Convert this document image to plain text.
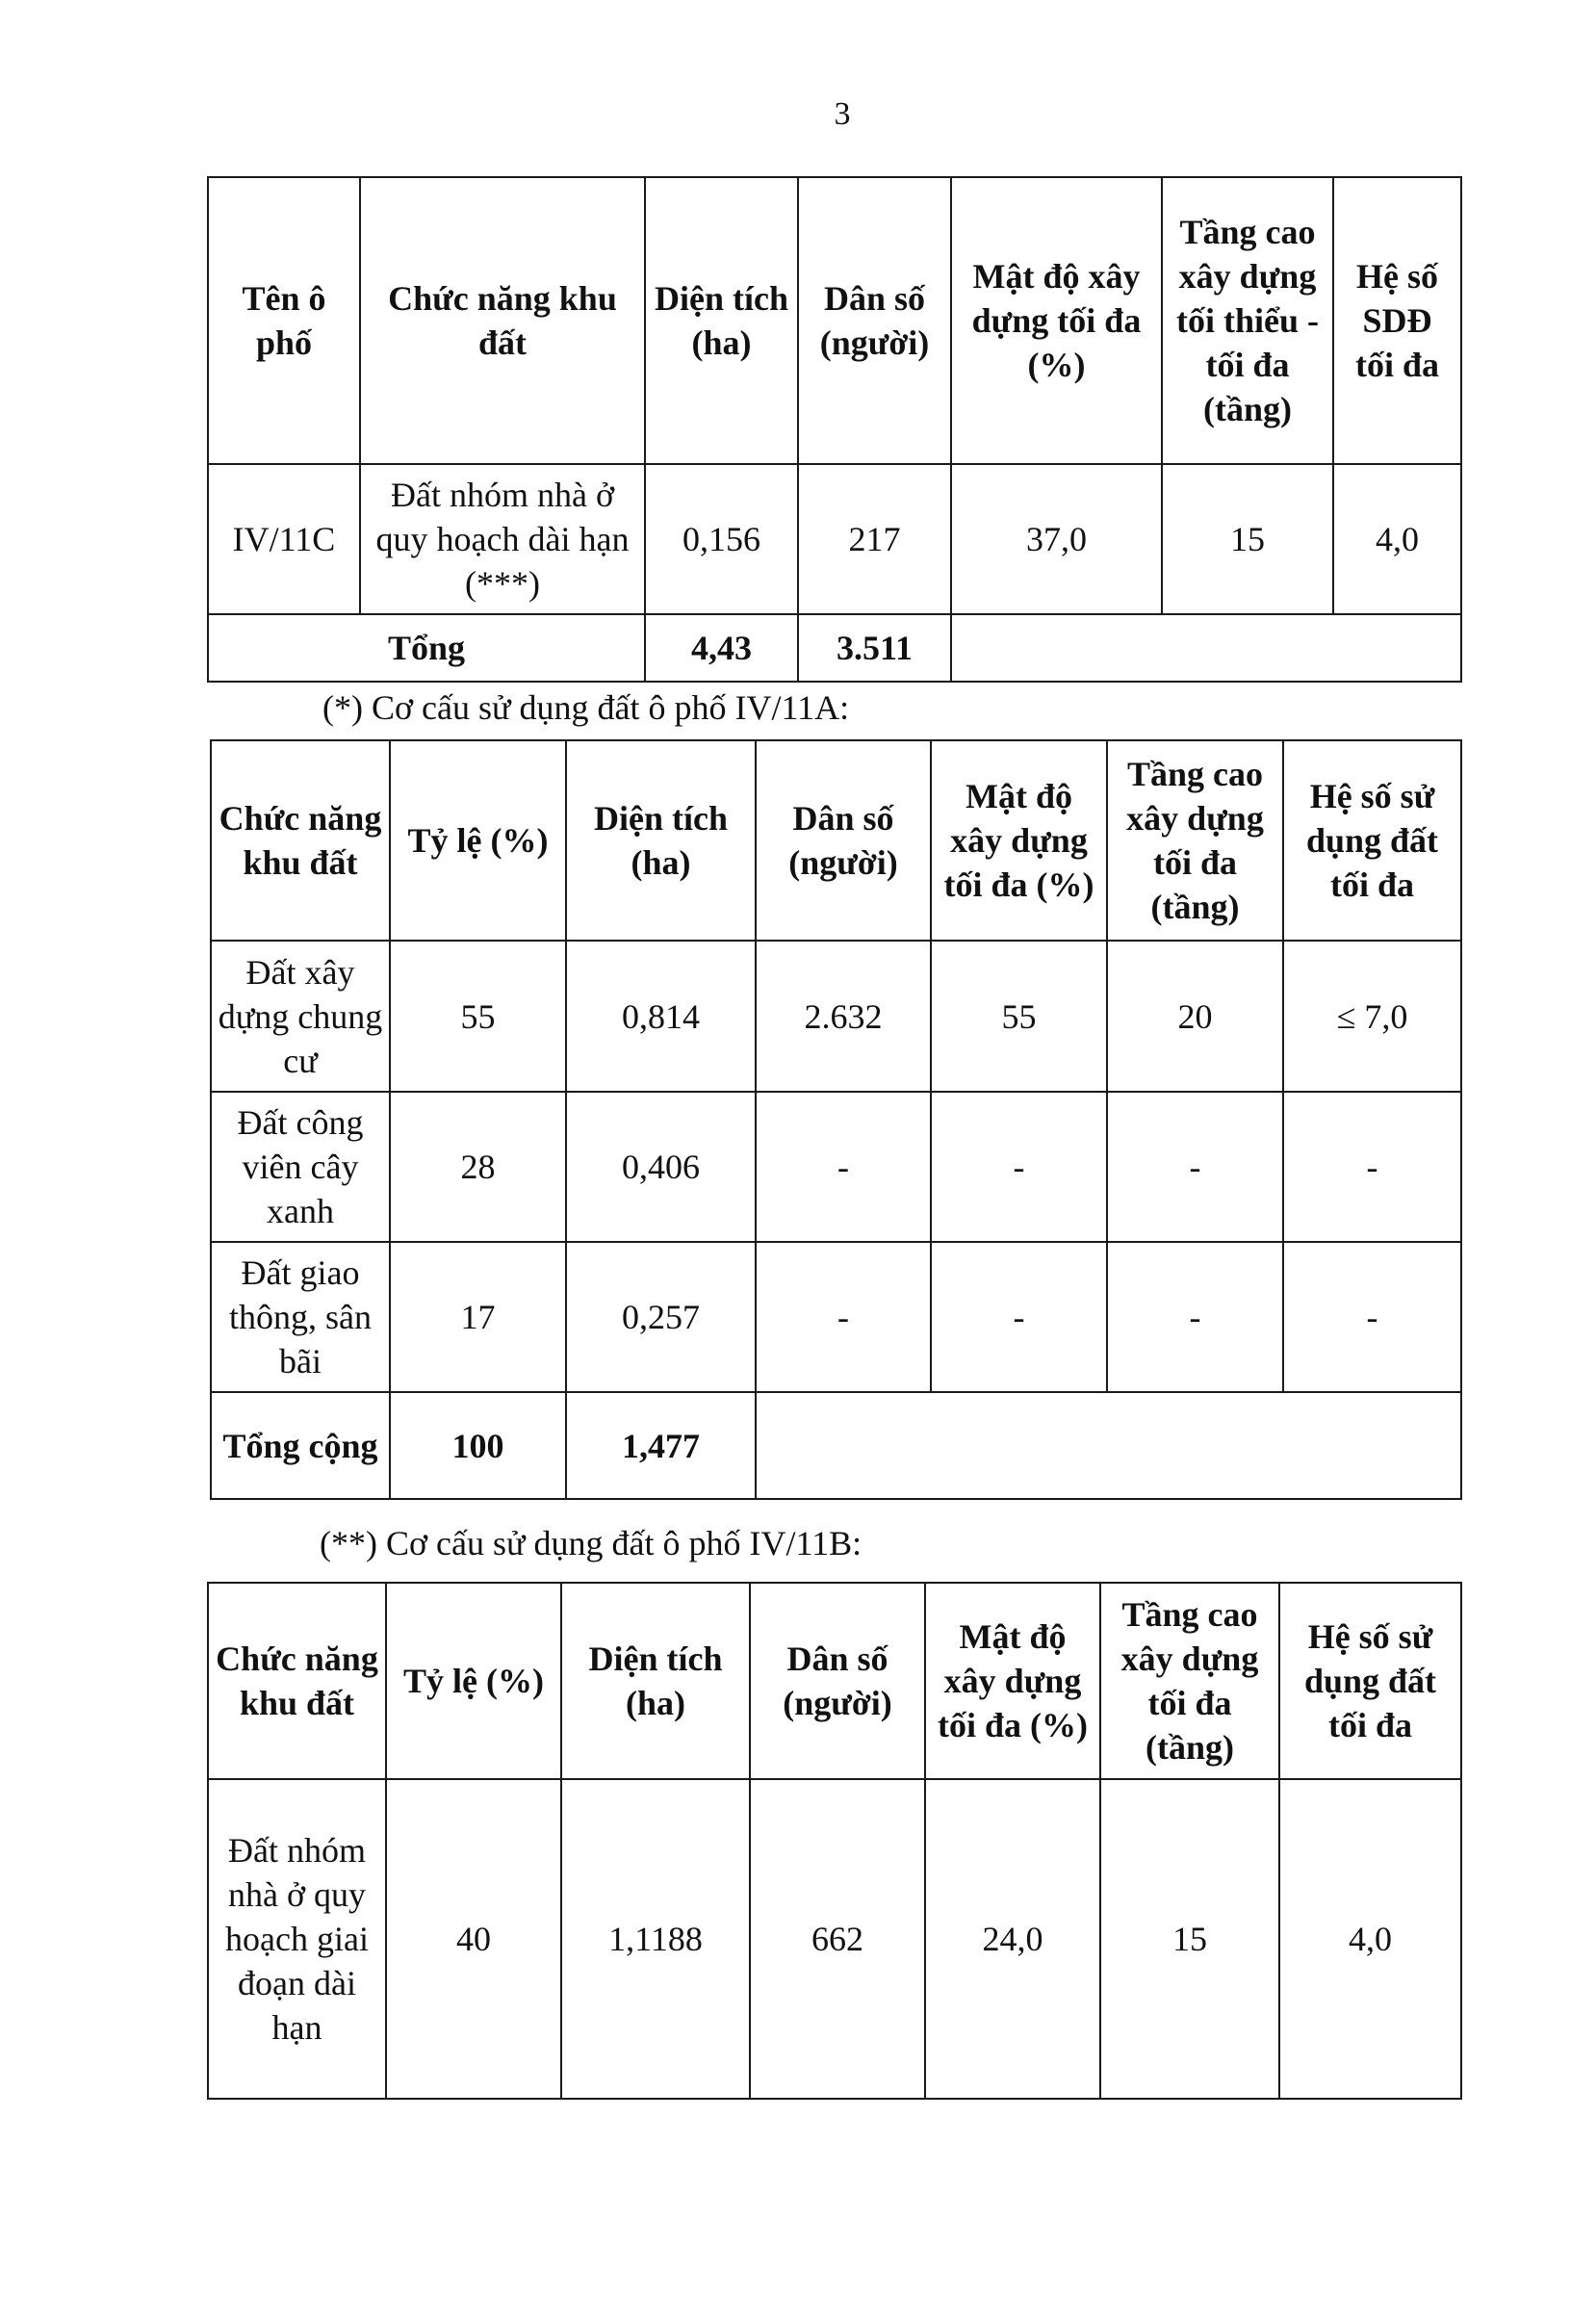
3
Tên ô phố	Chức năng khu đất	Diện tích (ha)	Dân số (người)	Mật độ xây dựng tối đa (%)	Tầng cao xây dựng tối thiểu - tối đa (tầng)	Hệ số SDĐ tối đa
IV/11C	Đất nhóm nhà ở quy hoạch dài hạn (***)	0,156	217	37,0	15	4,0
Tổng		4,43	3.511			
(*) Cơ cấu sử dụng đất ô phố IV/11A:
Chức năng khu đất	Tỷ lệ (%)	Diện tích (ha)	Dân số (người)	Mật độ xây dựng tối đa (%)	Tầng cao xây dựng tối đa (tầng)	Hệ số sử dụng đất tối đa
Đất xây dựng chung cư	55	0,814	2.632	55	20	≤ 7,0
Đất công viên cây xanh	28	0,406	-	-	-	-
Đất giao thông, sân bãi	17	0,257	-	-	-	-
Tổng cộng	100	1,477				
(**) Cơ cấu sử dụng đất ô phố IV/11B:
Chức năng khu đất	Tỷ lệ (%)	Diện tích (ha)	Dân số (người)	Mật độ xây dựng tối đa (%)	Tầng cao xây dựng tối đa (tầng)	Hệ số sử dụng đất tối đa
Đất nhóm nhà ở quy hoạch giai đoạn dài hạn	40	1,1188	662	24,0	15	4,0
